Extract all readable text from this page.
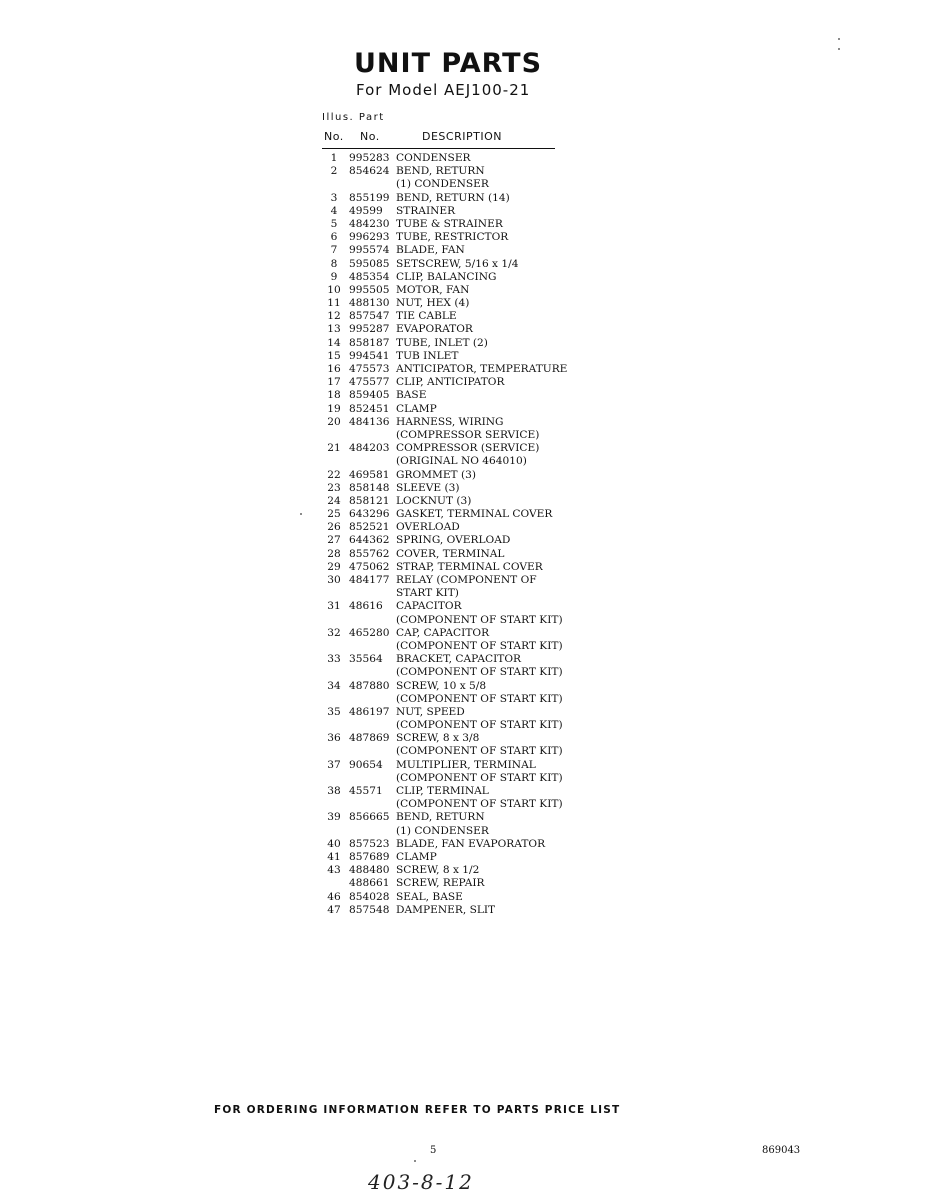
UNIT PARTS
For Model AEJ100-21
Illus. Part
No. No.	DESCRIPTION
1	995283 CONDENSER
2	854624 BEND, RETURN
(1) CONDENSER
3	855199 BEND, RETURN (14)
4	49599 STRAINER
5	484230 TUBE & STRAINER
6	996293 TUBE, RESTRICTOR
7	995574 BLADE, FAN
8	595085 SETSCREW, 5/16 x 1/4
9	485354 CLIP, BALANCING
10 995505 MOTOR, FAN
11 488130 NUT, HEX (4)
12 857547 TIE CABLE
13 995287 EVAPORATOR
14 858187 TUBE, INLET (2)
15 994541 TUB INLET
16 475573 ANTICIPATOR, TEMPERATURE
17 475577 CLIP, ANTICIPATOR
18 859405 BASE
19 852451 CLAMP
20 484136 HARNESS, WIRING
(COMPRESSOR SERVICE)
21 484203 COMPRESSOR (SERVICE)
(ORIGINAL NO 464010)
22 469581 GROMMET (3)
23 858148 SLEEVE (3)
24 858121 LOCKNUT (3)
25 643296 GASKET, TERMINAL COVER
26 852521 OVERLOAD
27 644362 SPRING, OVERLOAD
28 855762 COVER, TERMINAL
29 475062 STRAP, TERMINAL COVER
30 484177 RELAY (COMPONENT OF
START KIT)
31 48616 CAPACITOR
(COMPONENT OF START KIT)
32 465280 CAP, CAPACITOR
(COMPONENT OF START KIT)
33 35564 BRACKET, CAPACITOR
(COMPONENT OF START KIT)
34 487880 SCREW, 10 x 5/8
(COMPONENT OF START KIT)
35 486197 NUT, SPEED
(COMPONENT OF START KIT)
36 487869 SCREW, 8 x 3/8
(COMPONENT OF START KIT)
37 90654 MULTIPLIER, TERMINAL
(COMPONENT OF START KIT)
38 45571 CLIP, TERMINAL
(COMPONENT OF START KIT)
39 856665 BEND, RETURN
(1) CONDENSER
40 857523 BLADE, FAN EVAPORATOR
41 857689 CLAMP
43 488480 SCREW, 8 x 1/2
488661 SCREW, REPAIR
46 854028 SEAL, BASE
47 857548 DAMPENER, SLIT
FOR ORDERING INFORMATION REFER TO PARTS PRICE LIST
5	869043
403-8-12
